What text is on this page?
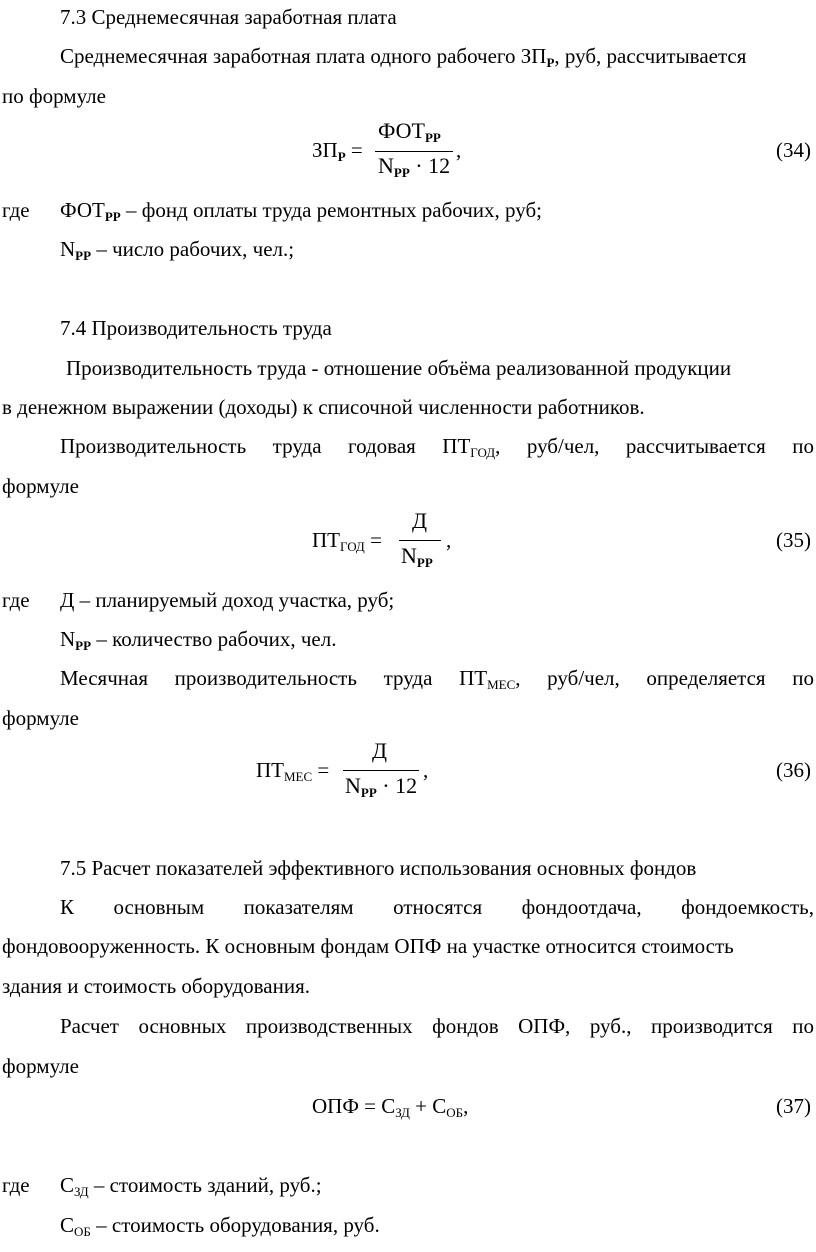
7.3 Среднемесячная заработная плата
Среднемесячная заработная плата одного рабочего ЗПР, руб, рассчитывается
по формуле
ЗПР =
ФОТРР
NРР · 12
,	(34)
где ФОТРР – фонд оплаты труда ремонтных рабочих, руб;
NРР – число рабочих, чел.;
7.4 Производительность труда
Производительность труда - отношение объёма реализованной продукции
в денежном выражении (доходы) к списочной численности работников.
Производительность труда годовая $ПТ_{ГОД}$, руб/чел, рассчитывается по
формуле
$ПТ_{ГОД}$ =
Д
NРР
,	(35)
где Д – планируемый доход участка, руб;
NРР – количество рабочих, чел.
Месячная производительность труда $ПТ_{МЕС}$, руб/чел, определяется по
формуле
$ПТ_{МЕС}$ =
Д
NРР · 12
,	(36)
7.5 Расчет показателей эффективного использования основных фондов
К основным показателям относятся фондоотдача, фондоемкость,
фондовооруженность. К основным фондам ОПФ на участке относится стоимость
здания и стоимость оборудования.
Расчет основных производственных фондов ОПФ, руб., производится по
формуле
ОПФ = $С_{ЗД} + С_{ОБ}$,	(37)
где $С_{ЗД}$ – стоимость зданий, руб.;
$С_{ОБ}$ – стоимость оборудования, руб.
